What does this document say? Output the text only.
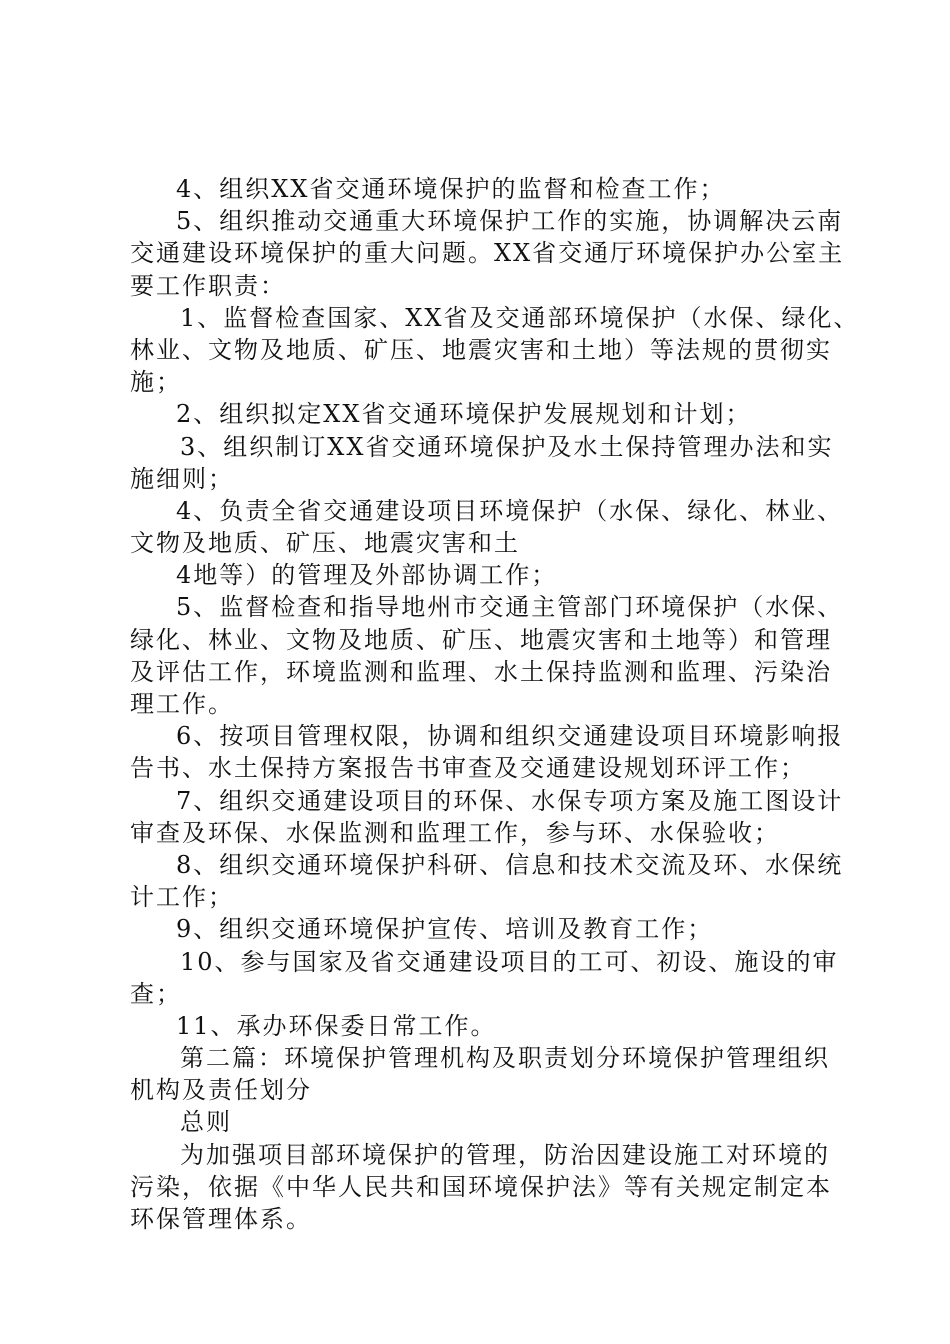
4、组织XX省交通环境保护的监督和检查工作；
5、组织推动交通重大环境保护工作的实施，协调解决云南
交通建设环境保护的重大问题。XX省交通厅环境保护办公室主
要工作职责：
1、监督检查国家、XX省及交通部环境保护（水保、绿化、
林业、文物及地质、矿压、地震灾害和土地）等法规的贯彻实
施；
2、组织拟定XX省交通环境保护发展规划和计划；
3、组织制订XX省交通环境保护及水土保持管理办法和实
施细则；
4、负责全省交通建设项目环境保护（水保、绿化、林业、
文物及地质、矿压、地震灾害和土
4地等）的管理及外部协调工作；
5、监督检查和指导地州市交通主管部门环境保护（水保、
绿化、林业、文物及地质、矿压、地震灾害和土地等）和管理
及评估工作，环境监测和监理、水土保持监测和监理、污染治
理工作。
6、按项目管理权限，协调和组织交通建设项目环境影响报
告书、水土保持方案报告书审查及交通建设规划环评工作；
7、组织交通建设项目的环保、水保专项方案及施工图设计
审查及环保、水保监测和监理工作，参与环、水保验收；
8、组织交通环境保护科研、信息和技术交流及环、水保统
计工作；
9、组织交通环境保护宣传、培训及教育工作；
10、参与国家及省交通建设项目的工可、初设、施设的审
查；
11、承办环保委日常工作。
第二篇：环境保护管理机构及职责划分环境保护管理组织
机构及责任划分
总则
为加强项目部环境保护的管理，防治因建设施工对环境的
污染，依据《中华人民共和国环境保护法》等有关规定制定本
环保管理体系。
